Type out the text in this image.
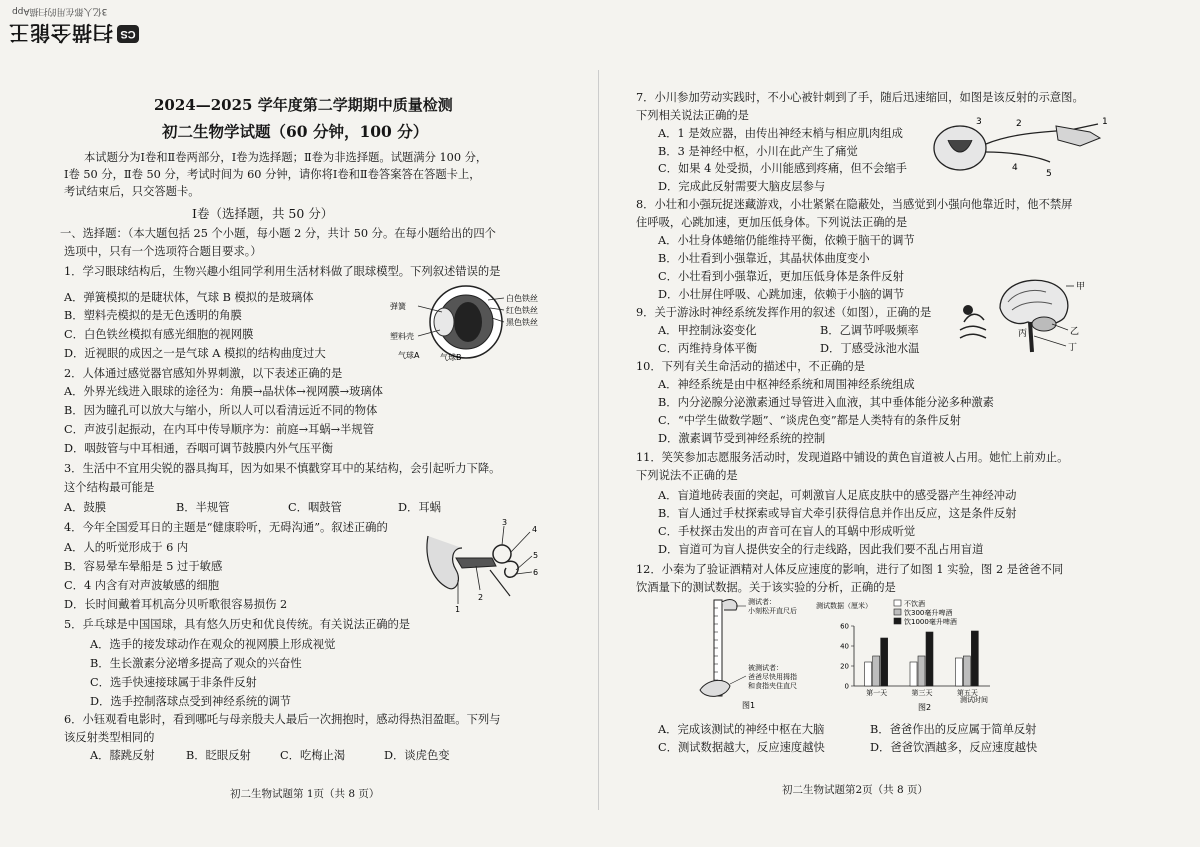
CS
扫描全能王
3亿人都在用的扫描App
2024—2025 学年度第二学期期中质量检测
初二生物学试题（60 分钟，100 分）
本试题分为Ⅰ卷和Ⅱ卷两部分，Ⅰ卷为选择题；Ⅱ卷为非选择题。试题满分 100 分，
Ⅰ卷 50 分，Ⅱ卷 50 分，考试时间为 60 分钟，请你将Ⅰ卷和Ⅱ卷答案答在答题卡上，
考试结束后，只交答题卡。
Ⅰ卷（选择题，共 50 分）
一、选择题：（本大题包括 25 个小题，每小题 2 分，共计 50 分。在每小题给出的四个
选项中，只有一个选项符合题目要求。）
1．学习眼球结构后，生物兴趣小组同学利用生活材料做了眼球模型。下列叙述错误的是
A．弹簧模拟的是睫状体，气球 B 模拟的是玻璃体
B．塑料壳模拟的是无色透明的角膜
C．白色铁丝模拟有感光细胞的视网膜
D．近视眼的成因之一是气球 A 模拟的结构曲度过大
弹簧
白色铁丝
红色铁丝
黑色铁丝
塑料壳
气球B
气球A
2．人体通过感觉器官感知外界刺激，以下表述正确的是
A．外界光线进入眼球的途径为：角膜→晶状体→视网膜→玻璃体
B．因为瞳孔可以放大与缩小，所以人可以看清远近不同的物体
C．声波引起振动，在内耳中传导顺序为：前庭→耳蜗→半规管
D．咽鼓管与中耳相通，吞咽可调节鼓膜内外气压平衡
3．生活中不宜用尖锐的器具掏耳，因为如果不慎戳穿耳中的某结构，会引起听力下降。
这个结构最可能是
A．鼓膜	B．半规管	C．咽鼓管	D．耳蜗
4．今年全国爱耳日的主题是“健康聆听，无碍沟通”。叙述正确的
A．人的听觉形成于 6 内
B．容易晕车晕船是 5 过于敏感
C．4 内含有对声波敏感的细胞
D．长时间戴着耳机高分贝听歌很容易损伤 2	1
2
3
4
5
6
5．乒乓球是中国国球，具有悠久历史和优良传统。有关说法正确的是
A．选手的接发球动作在观众的视网膜上形成视觉
B．生长激素分泌增多提高了观众的兴奋性
C．选手快速接球属于非条件反射
D．选手控制落球点受到神经系统的调节
6．小钰观看电影时，看到哪吒与母亲殷夫人最后一次拥抱时，感动得热泪盈眶。下列与
该反射类型相同的
A．膝跳反射	B．眨眼反射	C．吃梅止渴	D．谈虎色变
初二生物试题第 1页（共 8 页）
7．小川参加劳动实践时，不小心被针刺到了手，随后迅速缩回，如图是该反射的示意图。
下列相关说法正确的是
A．1 是效应器，由传出神经末梢与相应肌肉组成
B．3 是神经中枢，小川在此产生了痛觉
C．如果 4 处受损，小川能感到疼痛，但不会缩手
D．完成此反射需要大脑皮层参与
3	2	1
5
4
8．小壮和小强玩捉迷藏游戏，小壮紧紧在隐蔽处，当感觉到小强向他靠近时，他不禁屏
住呼吸，心跳加速，更加压低身体。下列说法正确的是
A．小壮身体蜷缩仍能维持平衡，依赖于脑干的调节
B．小壮看到小强靠近，其晶状体曲度变小
C．小壮看到小强靠近，更加压低身体是条件反射
D．小壮屏住呼吸、心跳加速，依赖于小脑的调节
9．关于游泳时神经系统发挥作用的叙述（如图），正确的是
A．甲控制泳姿变化	B．乙调节呼吸频率
C．丙维持身体平衡	D．丁感受泳池水温
甲
乙
丙
丁
10．下列有关生命活动的描述中，不正确的是
A．神经系统是由中枢神经系统和周围神经系统组成
B．内分泌腺分泌激素通过导管进入血液，其中垂体能分泌多种激素
C．“中学生做数学题”、“谈虎色变”都是人类特有的条件反射
D．激素调节受到神经系统的控制
11．笑笑参加志愿服务活动时，发现道路中铺设的黄色盲道被人占用。她忙上前劝止。
下列说法不正确的是
A．盲道地砖表面的突起，可刺激盲人足底皮肤中的感受器产生神经冲动
B．盲人通过手杖探索或导盲犬牵引获得信息并作出反应，这是条件反射
C．手杖探击发出的声音可在盲人的耳蜗中形成听觉
D．盲道可为盲人提供安全的行走线路，因此我们要不乱占用盲道
12．小秦为了验证酒精对人体反应速度的影响，进行了如图 1 实验，图 2 是爸爸不同
饮酒量下的测试数据。关于该实验的分析，正确的是
测试者：
小刻松开直尺后
被测试者：
爸爸尽快用拇指
和食指夹住直尺
图1
测试数据（厘米）
0
20
40
60
不饮酒
饮300毫升啤酒
饮1000毫升啤酒
第一天	第三天	第五天
测试时间
图2
A．完成该测试的神经中枢在大脑	B．爸爸作出的反应属于简单反射
C．测试数据越大，反应速度越快	D．爸爸饮酒越多，反应速度越快
初二生物试题第2页（共 8 页）
